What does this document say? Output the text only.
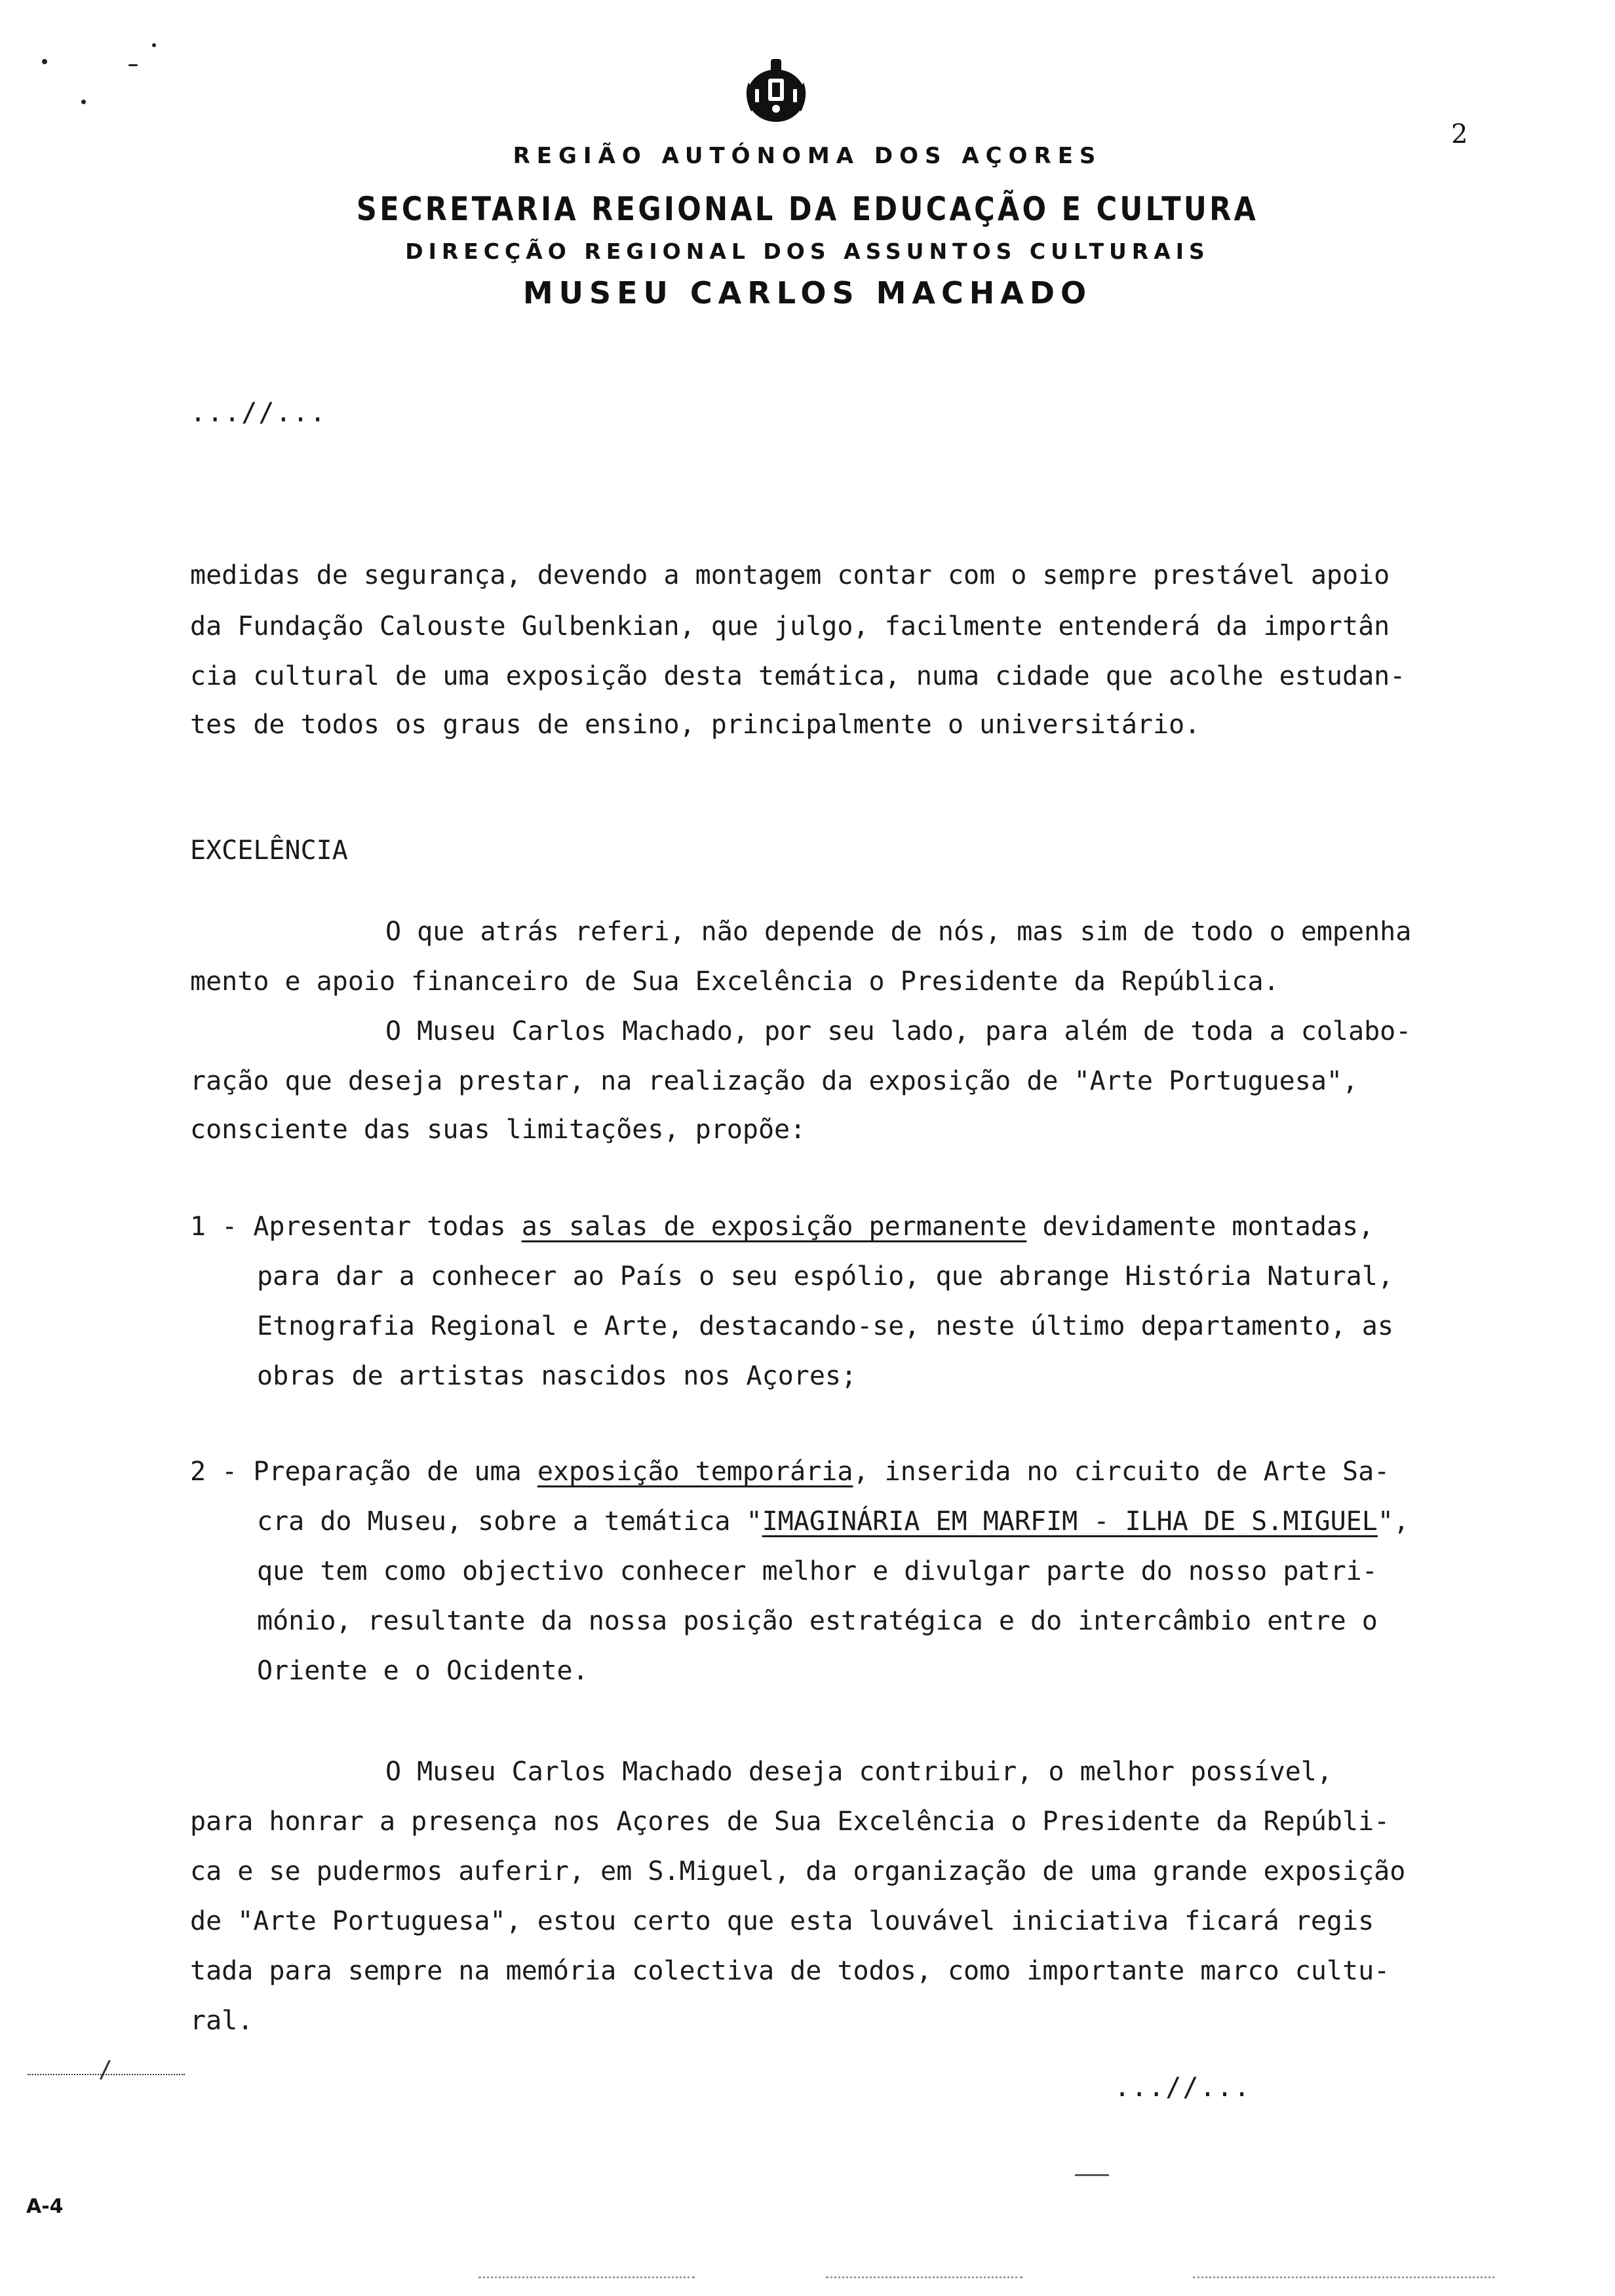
REGIÃO AUTÓNOMA DOS AÇORES
SECRETARIA REGIONAL DA EDUCAÇÃO E CULTURA
DIRECÇÃO REGIONAL DOS ASSUNTOS CULTURAIS
MUSEU CARLOS MACHADO
2
...//...
medidas de segurança, devendo a montagem contar com o sempre prestável apoio
da Fundação Calouste Gulbenkian, que julgo, facilmente entenderá da importân
cia cultural de uma exposição desta temática, numa cidade que acolhe estudan-
tes de todos os graus de ensino, principalmente o universitário.
EXCELÊNCIA
O que atrás referi, não depende de nós, mas sim de todo o empenha
mento e apoio financeiro de Sua Excelência o Presidente da República.
O Museu Carlos Machado, por seu lado, para além de toda a colabo-
ração que deseja prestar, na realização da exposição de "Arte Portuguesa",
consciente das suas limitações, propõe:
1 - Apresentar todas as salas de exposição permanente devidamente montadas,
para dar a conhecer ao País o seu espólio, que abrange História Natural,
Etnografia Regional e Arte, destacando-se, neste último departamento, as
obras de artistas nascidos nos Açores;
2 - Preparação de uma exposição temporária, inserida no circuito de Arte Sa-
cra do Museu, sobre a temática "IMAGINÁRIA EM MARFIM - ILHA DE S.MIGUEL",
que tem como objectivo conhecer melhor e divulgar parte do nosso patri-
mónio, resultante da nossa posição estratégica e do intercâmbio entre o
Oriente e o Ocidente.
O Museu Carlos Machado deseja contribuir, o melhor possível,
para honrar a presença nos Açores de Sua Excelência o Presidente da Repúbli-
ca e se pudermos auferir, em S.Miguel, da organização de uma grande exposição
de "Arte Portuguesa", estou certo que esta louvável iniciativa ficará regis
tada para sempre na memória colectiva de todos, como importante marco cultu-
ral.
...//...
/
A-4
